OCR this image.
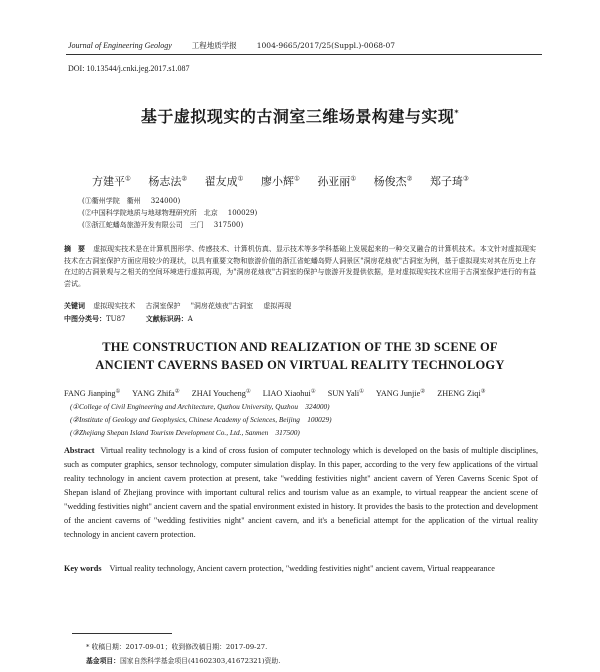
Journal of Engineering Geology	工程地质学报	1004-9665/2017/25(Suppl.)-0068-07
DOI: 10.13544/j.cnki.jeg.2017.s1.087
基于虚拟现实的古洞室三维场景构建与实现*
方建平① 杨志法② 翟友成① 廖小辉① 孙亚丽① 杨俊杰② 郑子琦③
(①衢州学院　衢州 324000)
(②中国科学院地质与地球物理研究所　北京 100029)
(③浙江蛇蟠岛旅游开发有限公司　三门 317500)
摘　要 虚拟现实技术是在计算机图形学、传感技术、计算机仿真、显示技术等多学科基础上发展起来的一种交叉融合的计算机技术。本文针对虚拟现实技术在古洞室保护方面应用较少的现状，以具有重要文物和旅游价值的浙江省蛇蟠岛野人洞景区"洞房花烛夜"古洞室为例，基于虚拟现实对其在历史上存在过的古洞景观与之相关的空间环境进行虚拟再现，为"洞房花烛夜"古洞室的保护与旅游开发提供依据，是对虚拟现实技术应用于古洞室保护进行的有益尝试。
关键词 虚拟现实技术 古洞室保护 "洞房花烛夜"古洞室 虚拟再现
中图分类号：TU87	文献标识码：A
THE CONSTRUCTION AND REALIZATION OF THE 3D SCENE OF
ANCIENT CAVERNS BASED ON VIRTUAL REALITY TECHNOLOGY
FANG Jianping① YANG Zhifa② ZHAI Youcheng① LIAO Xiaohui① SUN Yali① YANG Junjie② ZHENG Ziqi③
(①College of Civil Engineering and Architecture, Quzhou University, Quzhou　324000)
(②Institute of Geology and Geophysics, Chinese Academy of Sciences, Beijing　100029)
(③Zhejiang Shepan Island Tourism Development Co., Ltd., Sanmen　317500)
Abstract Virtual reality technology is a kind of cross fusion of computer technology which is developed on the basis of multiple disciplines, such as computer graphics, sensor technology, computer simulation display. In this paper, according to the very few applications of the virtual reality technology in ancient cavern protection at present, take "wedding festivities night" ancient cavern of Yeren Caverns Scenic Spot of Shepan island of Zhejiang province with important cultural relics and tourism value as an example, to virtual reappear the ancient scene of "wedding festivities night" ancient cavern and the spatial environment existed in history. It provides the basis to the protection and development of the ancient caverns of "wedding festivities night" ancient cavern, and it's a beneficial attempt for the application of the virtual reality technology in ancient cavern protection.
Key words Virtual reality technology, Ancient cavern protection, "wedding festivities night" ancient cavern, Virtual reappearance
* 收稿日期：2017-09-01；收到修改稿日期：2017-09-27.
基金项目：国家自然科学基金项目(41602303,41672321)资助.
